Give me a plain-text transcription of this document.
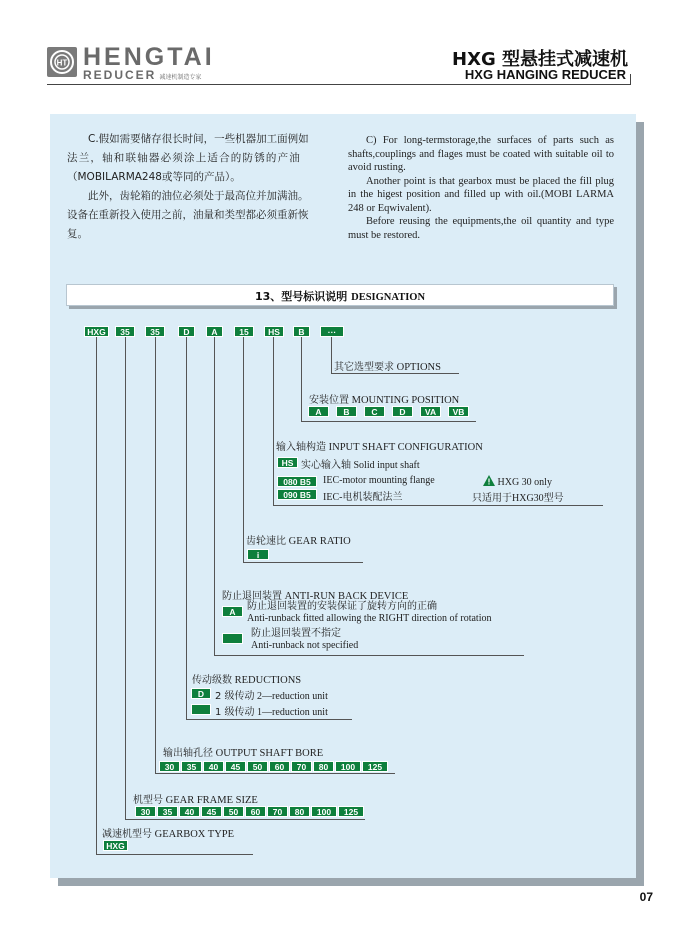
HT HENGTAI
REDUCER 减速机制造专家
HXG 型悬挂式减速机
HXG HANGING REDUCER
C.假如需要储存很长时间，一些机器加工面例如
法兰，轴和联轴器必须涂上适合的防锈的产油
（MOBILARMA248或等同的产品）。
此外，齿轮箱的油位必须处于最高位并加满油。
设备在重新投入使用之前，油量和类型都必须重新恢
复。
C) For long-termstorage,the surfaces of parts such as shafts,couplings and flages must be coated with suitable oil to avoid rusting.
Another point is that gearbox must be placed the fill plug in the higest position and filled up with oil.(MOBI LARMA 248 or Eqwivalent).
Before reusing the equipments,the oil quantity and type must be restored.
13、型号标识说明 DESIGNATION
HXG	35	35	D	A	15	HS	B	···
其它选型要求 OPTIONS
安装位置 MOUNTING POSITION
A	B	C	D	VA	VB
输入轴构造 INPUT SHAFT CONFIGURATION
HS 实心输入轴 Solid input shaft
080 B5
090 B5
IEC-motor mounting flange
IEC-电机装配法兰
HXG 30 only
只适用于HXG30型号
齿轮速比 GEAR RATIO
i
防止退回装置 ANTI-RUN BACK DEVICE
A	防止退回装置的安装保证了旋转方向的正确
Anti-runback fitted allowing the RIGHT direction of rotation
防止退回装置不指定
Anti-runback not specified
传动级数 REDUCTIONS
D	2 级传动 2—reduction unit
1 级传动 1—reduction unit
输出轴孔径 OUTPUT SHAFT BORE
30	35	40	45	50	60	70	80	100	125
机型号 GEAR FRAME SIZE
30	35	40	45	50	60	70	80	100	125
减速机型号 GEARBOX TYPE
HXG
07
